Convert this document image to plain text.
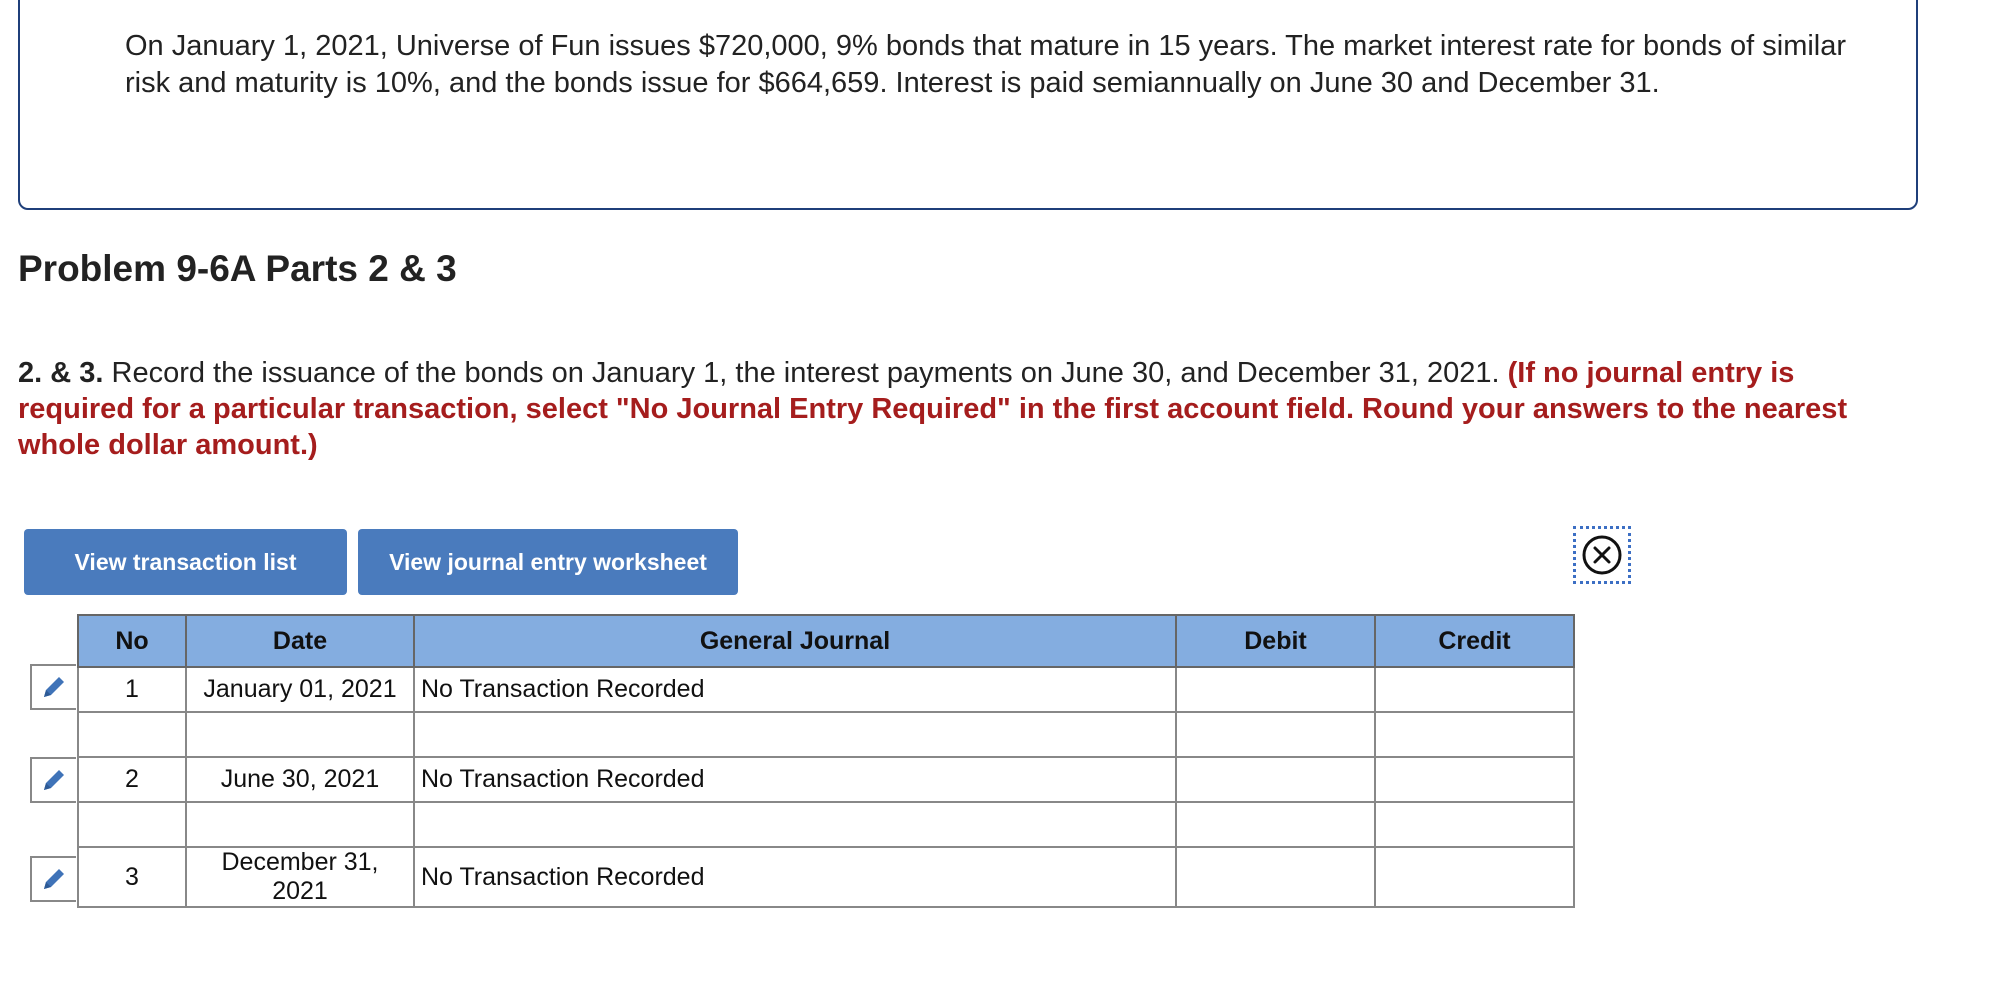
On January 1, 2021, Universe of Fun issues $720,000, 9% bonds that mature in 15 years. The market interest rate for bonds of similar risk and maturity is 10%, and the bonds issue for $664,659. Interest is paid semiannually on June 30 and December 31.
Problem 9-6A Parts 2 & 3
2. & 3. Record the issuance of the bonds on January 1, the interest payments on June 30, and December 31, 2021. (If no journal entry is required for a particular transaction, select "No Journal Entry Required" in the first account field. Round your answers to the nearest whole dollar amount.)
View transaction list	View journal entry worksheet
No	Date	General Journal	Debit	Credit
1	January 01, 2021	No Transaction Recorded		

2	June 30, 2021	No Transaction Recorded		

3	December 31, 2021	No Transaction Recorded		
